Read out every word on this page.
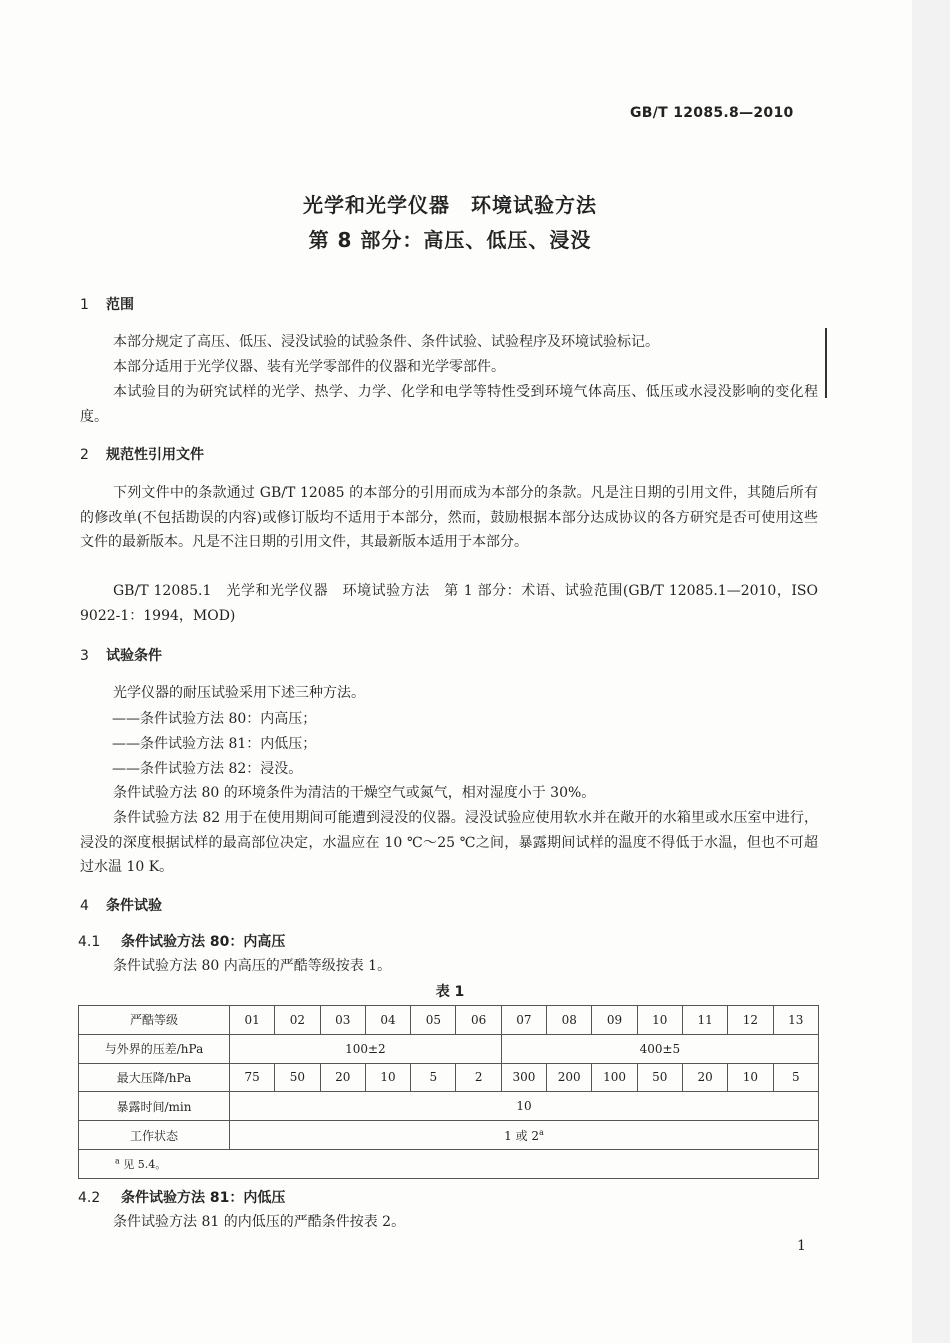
GB/T 12085.8—2010
光学和光学仪器　环境试验方法
第 8 部分：高压、低压、浸没
1 范围
本部分规定了高压、低压、浸没试验的试验条件、条件试验、试验程序及环境试验标记。
本部分适用于光学仪器、装有光学零部件的仪器和光学零部件。
本试验目的为研究试样的光学、热学、力学、化学和电学等特性受到环境气体高压、低压或水浸没影响的变化程度。
2 规范性引用文件
下列文件中的条款通过 GB/T 12085 的本部分的引用而成为本部分的条款。凡是注日期的引用文件，其随后所有的修改单(不包括勘误的内容)或修订版均不适用于本部分，然而，鼓励根据本部分达成协议的各方研究是否可使用这些文件的最新版本。凡是不注日期的引用文件，其最新版本适用于本部分。
GB/T 12085.1　光学和光学仪器　环境试验方法　第 1 部分：术语、试验范围(GB/T 12085.1—2010，ISO 9022-1：1994，MOD)
3 试验条件
光学仪器的耐压试验采用下述三种方法。
——条件试验方法 80：内高压；
——条件试验方法 81：内低压；
——条件试验方法 82：浸没。
条件试验方法 80 的环境条件为清洁的干燥空气或氮气，相对湿度小于 30%。
条件试验方法 82 用于在使用期间可能遭到浸没的仪器。浸没试验应使用软水并在敞开的水箱里或水压室中进行，浸没的深度根据试样的最高部位决定，水温应在 10 ℃～25 ℃之间，暴露期间试样的温度不得低于水温，但也不可超过水温 10 K。
4 条件试验
4.1 条件试验方法 80：内高压
条件试验方法 80 内高压的严酷等级按表 1。
表 1
严酷等级	01	02	03	04	05	06	07	08	09	10	11	12	13
与外界的压差/hPa	100±2						400±5						
最大压降/hPa	75	50	20	10	5	2	300	200	100	50	20	10	5
暴露时间/min	10												
工作状态	1 或 2$^a$
$^a$ 见 5.4。													
4.2 条件试验方法 81：内低压
条件试验方法 81 的内低压的严酷条件按表 2。
1
